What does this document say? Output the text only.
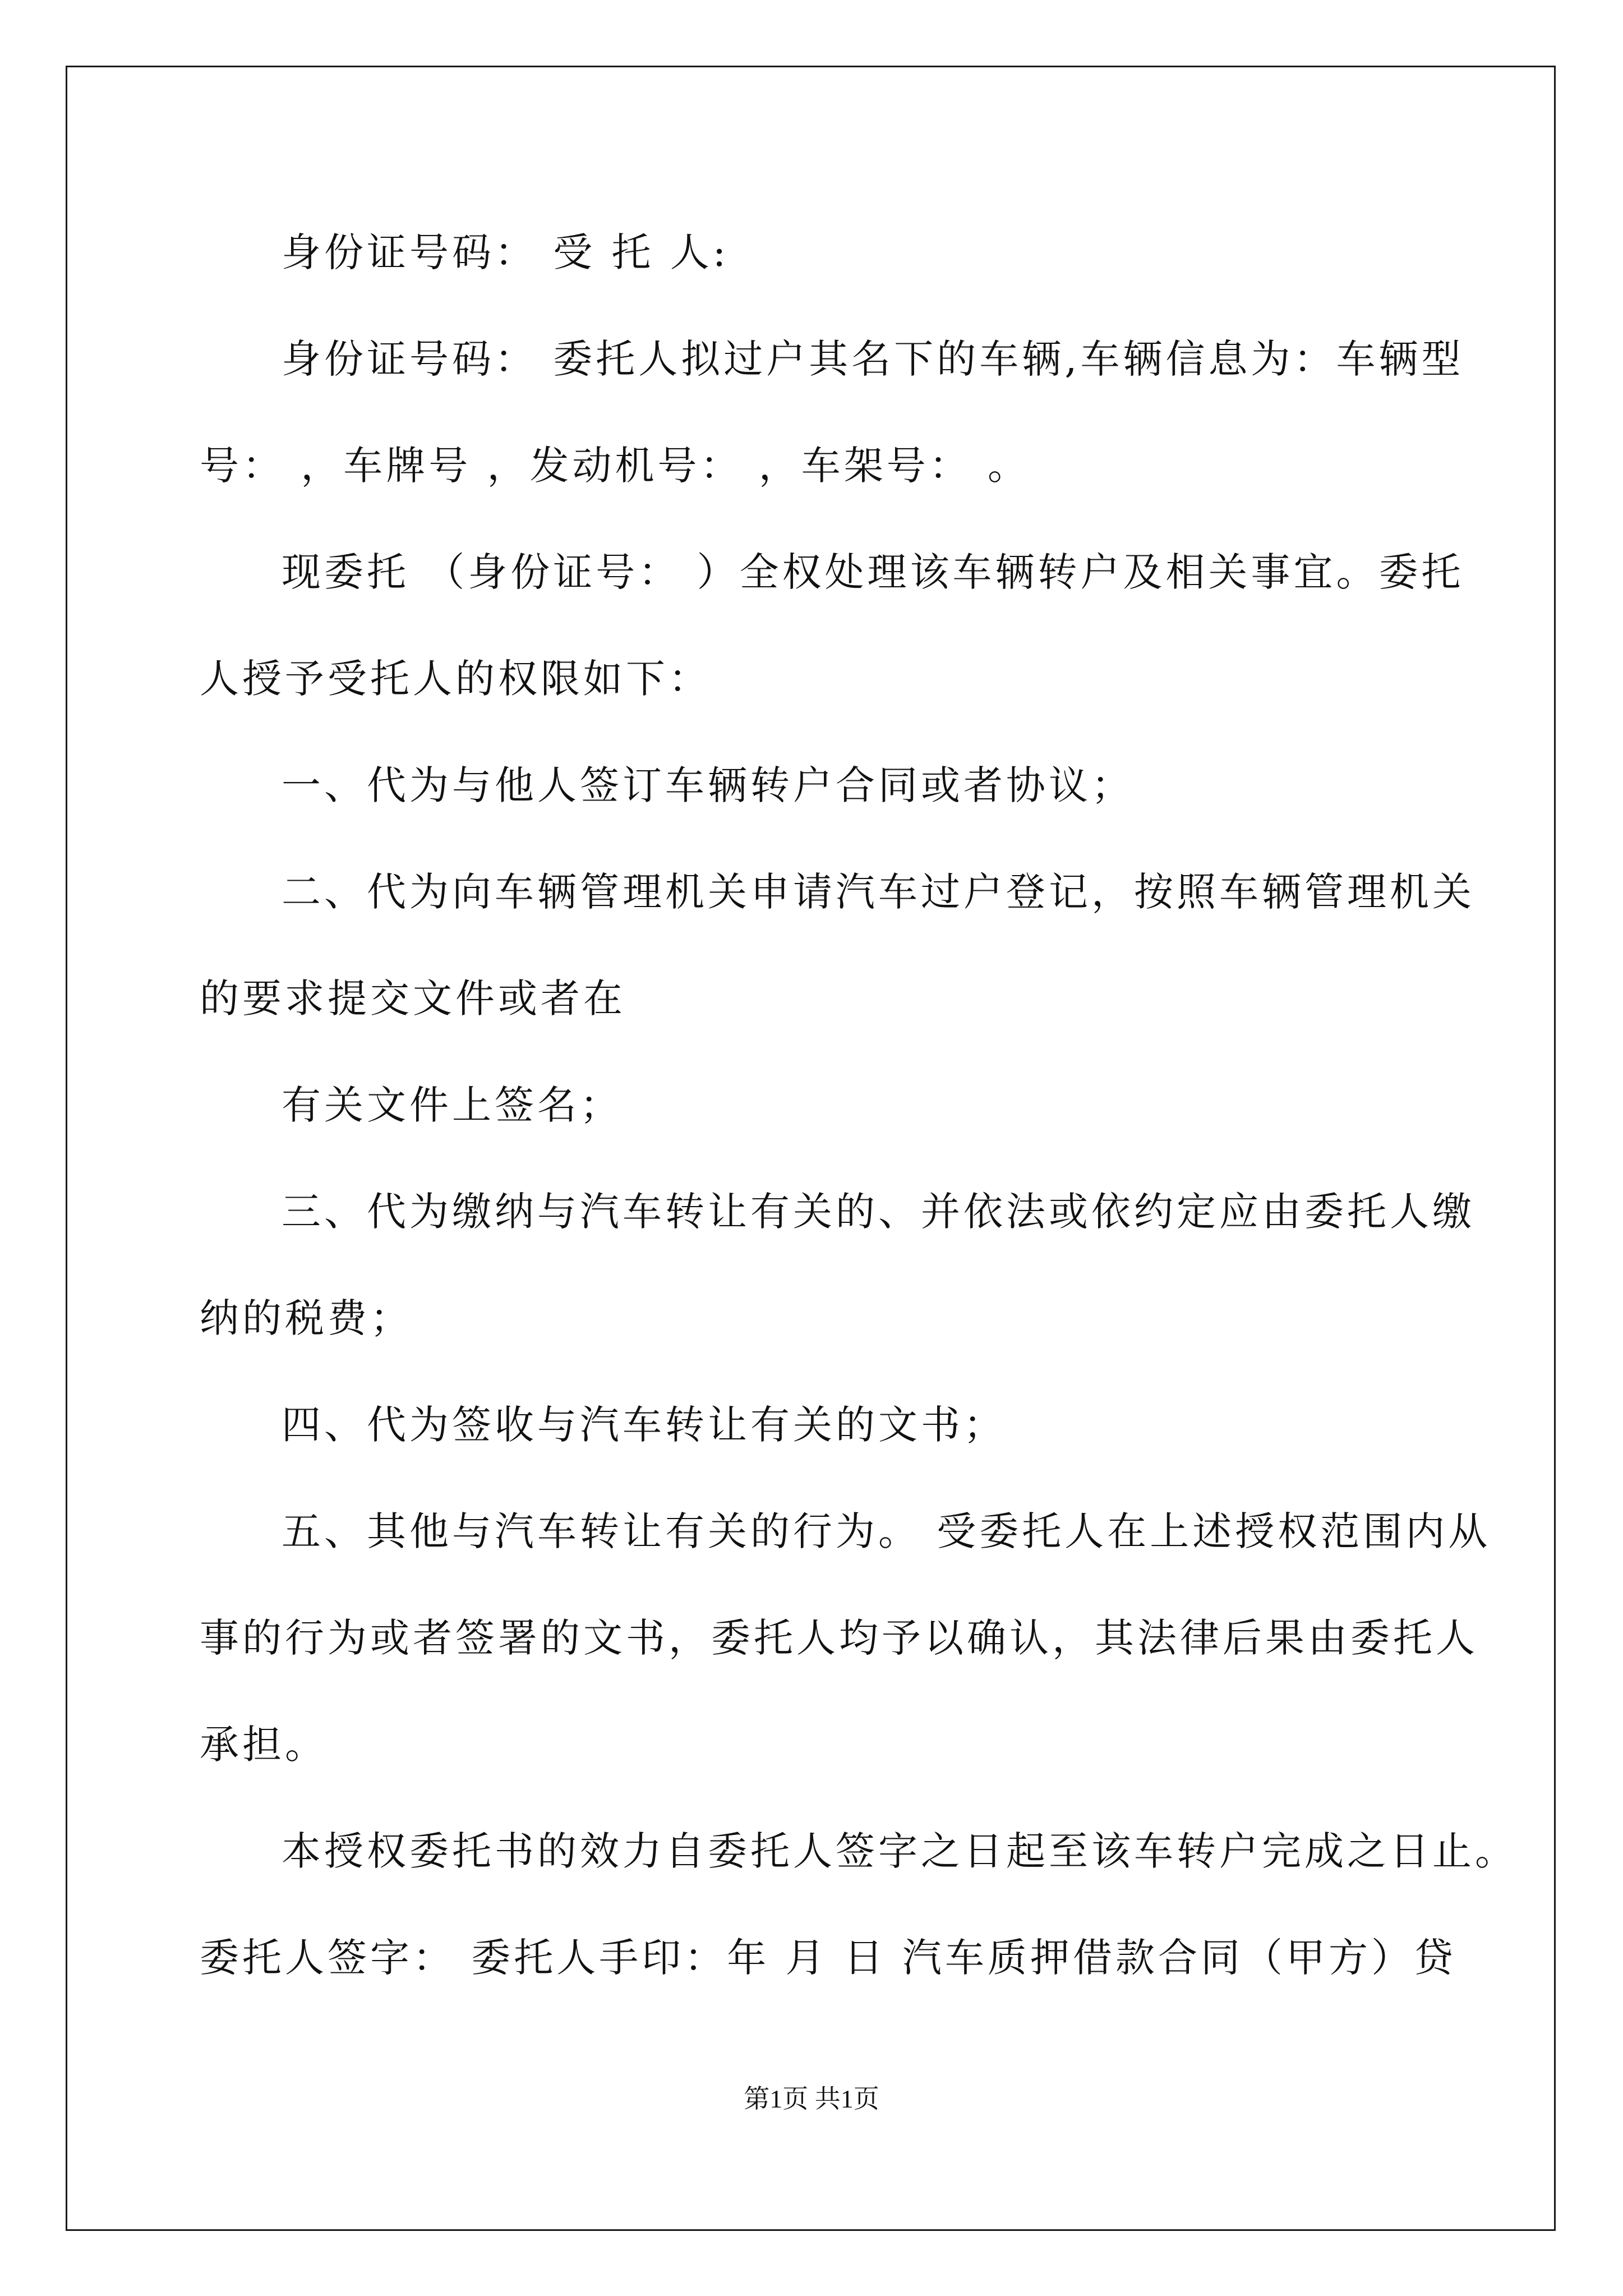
身份证号码： 受 托 人:
身份证号码： 委托人拟过户其名下的车辆,车辆信息为：车辆型
号： ，车牌号 ，发动机号： ，车架号： 。
现委托 （身份证号： ）全权处理该车辆转户及相关事宜。委托
人授予受托人的权限如下：
一、代为与他人签订车辆转户合同或者协议；
二、代为向车辆管理机关申请汽车过户登记，按照车辆管理机关
的要求提交文件或者在
有关文件上签名；
三、代为缴纳与汽车转让有关的、并依法或依约定应由委托人缴
纳的税费；
四、代为签收与汽车转让有关的文书；
五、其他与汽车转让有关的行为。 受委托人在上述授权范围内从
事的行为或者签署的文书，委托人均予以确认，其法律后果由委托人
承担。
本授权委托书的效力自委托人签字之日起至该车转户完成之日止。
委托人签字： 委托人手印：年 月 日 汽车质押借款合同（甲方）贷
第1页 共1页
